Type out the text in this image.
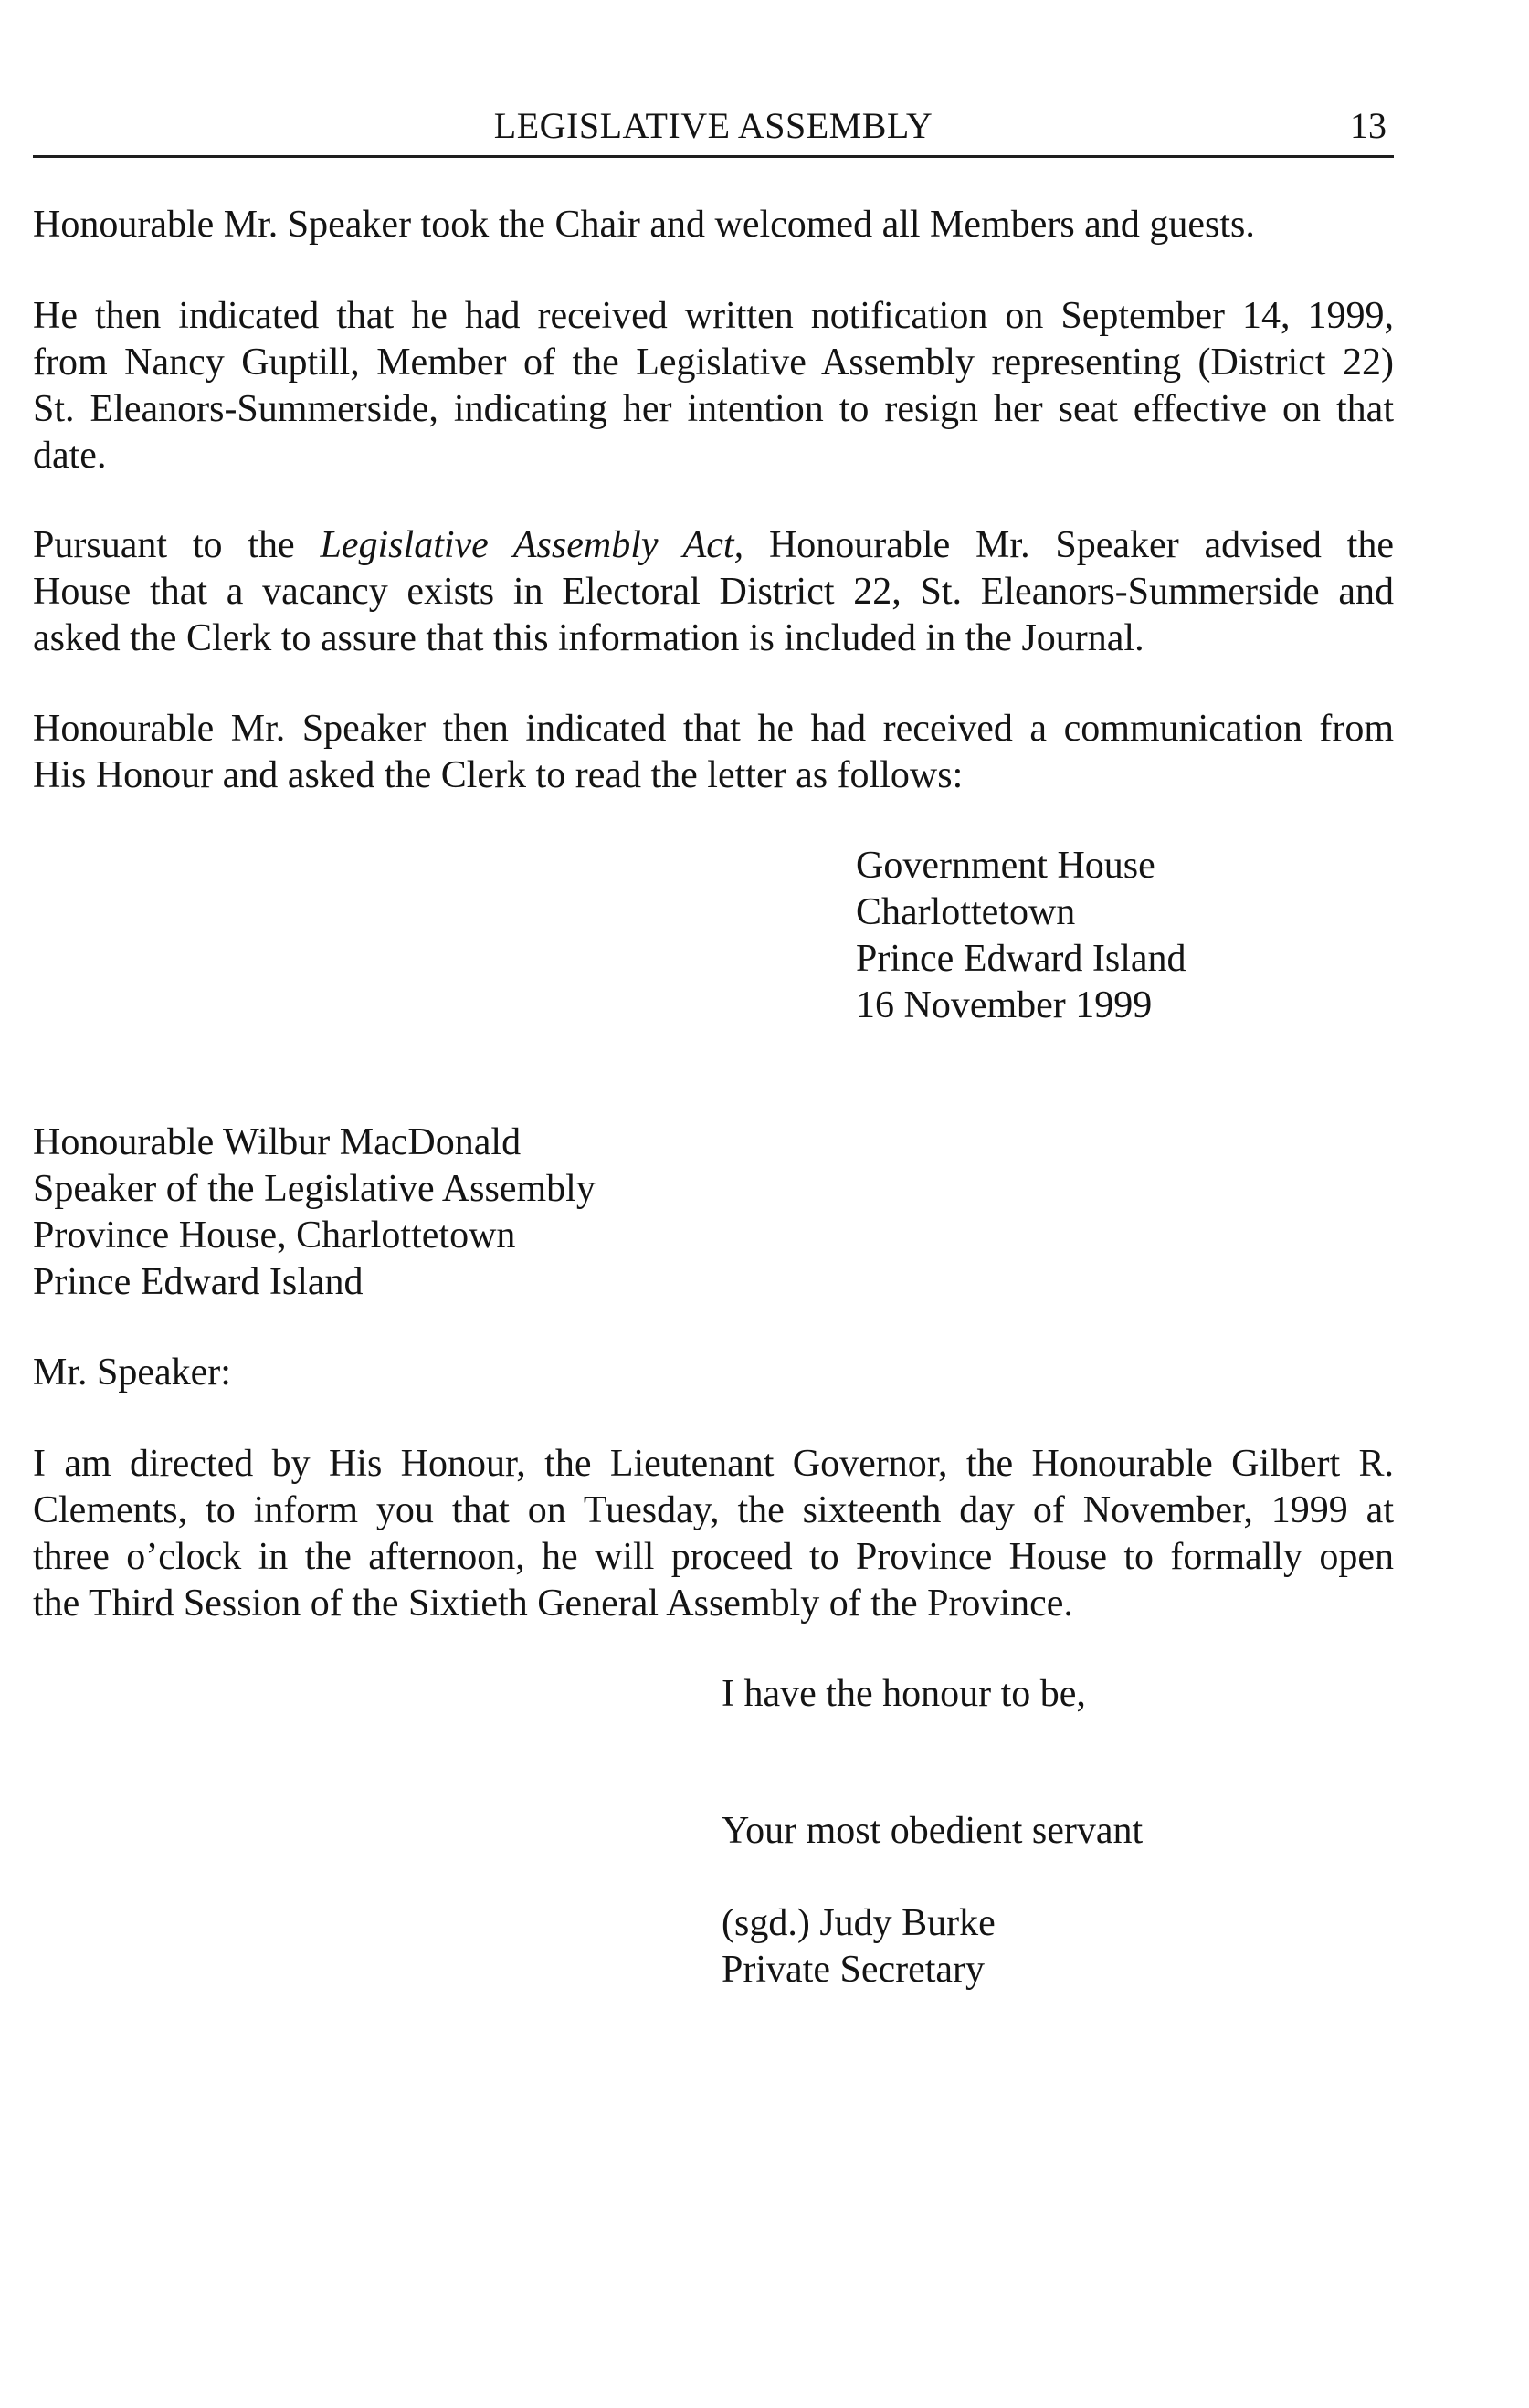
LEGISLATIVE ASSEMBLY	13
Honourable Mr. Speaker took the Chair and welcomed all Members and guests.
He then indicated that he had received written notification on September 14, 1999,
from Nancy Guptill, Member of the Legislative Assembly representing (District 22)
St. Eleanors-Summerside, indicating her intention to resign her seat effective on that
date.
Pursuant to the Legislative Assembly Act, Honourable Mr. Speaker advised the
House that a vacancy exists in Electoral District 22, St. Eleanors-Summerside and
asked the Clerk to assure that this information is included in the Journal.
Honourable Mr. Speaker then indicated that he had received a communication from
His Honour and asked the Clerk to read the letter as follows:
Government House
Charlottetown
Prince Edward Island
16 November 1999
Honourable Wilbur MacDonald
Speaker of the Legislative Assembly
Province House, Charlottetown
Prince Edward Island
Mr. Speaker:
I am directed by His Honour, the Lieutenant Governor, the Honourable Gilbert R.
Clements, to inform you that on Tuesday, the sixteenth day of November, 1999 at
three o’clock in the afternoon, he will proceed to Province House to formally open
the Third Session of the Sixtieth General Assembly of the Province.
I have the honour to be,
Your most obedient servant
(sgd.) Judy Burke
Private Secretary
